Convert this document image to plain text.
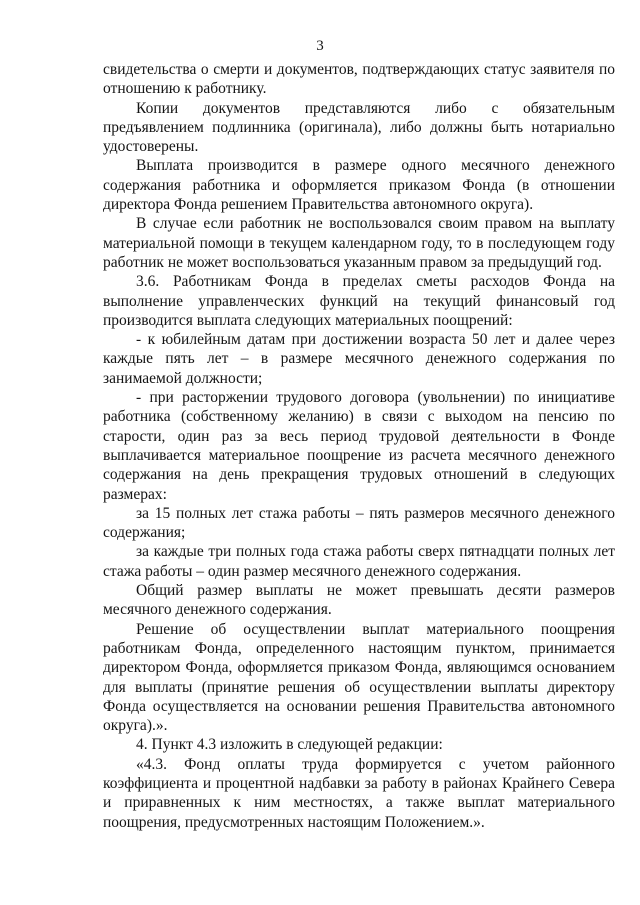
3

свидетельства о смерти и документов, подтверждающих статус заявителя по отношению к работнику.

Копии документов представляются либо с обязательным предъявлением подлинника (оригинала), либо должны быть нотариально удостоверены.

Выплата производится в размере одного месячного денежного содержания работника и оформляется приказом Фонда (в отношении директора Фонда решением Правительства автономного округа).

В случае если работник не воспользовался своим правом на выплату материальной помощи в текущем календарном году, то в последующем году работник не может воспользоваться указанным правом за предыдущий год.

3.6. Работникам Фонда в пределах сметы расходов Фонда на выполнение управленческих функций на текущий финансовый год производится выплата следующих материальных поощрений:

- к юбилейным датам при достижении возраста 50 лет и далее через каждые пять лет – в размере месячного денежного содержания по занимаемой должности;

- при расторжении трудового договора (увольнении) по инициативе работника (собственному желанию) в связи с выходом на пенсию по старости, один раз за весь период трудовой деятельности в Фонде выплачивается материальное поощрение из расчета месячного денежного содержания на день прекращения трудовых отношений в следующих размерах:

за 15 полных лет стажа работы – пять размеров месячного денежного содержания;

за каждые три полных года стажа работы сверх пятнадцати полных лет стажа работы – один размер месячного денежного содержания.

Общий размер выплаты не может превышать десяти размеров месячного денежного содержания.

Решение об осуществлении выплат материального поощрения работникам Фонда, определенного настоящим пунктом, принимается директором Фонда, оформляется приказом Фонда, являющимся основанием для выплаты (принятие решения об осуществлении выплаты директору Фонда осуществляется на основании решения Правительства автономного округа).».

4. Пункт 4.3 изложить в следующей редакции:

«4.3. Фонд оплаты труда формируется с учетом районного коэффициента и процентной надбавки за работу в районах Крайнего Севера и приравненных к ним местностях, а также выплат материального поощрения, предусмотренных настоящим Положением.».
